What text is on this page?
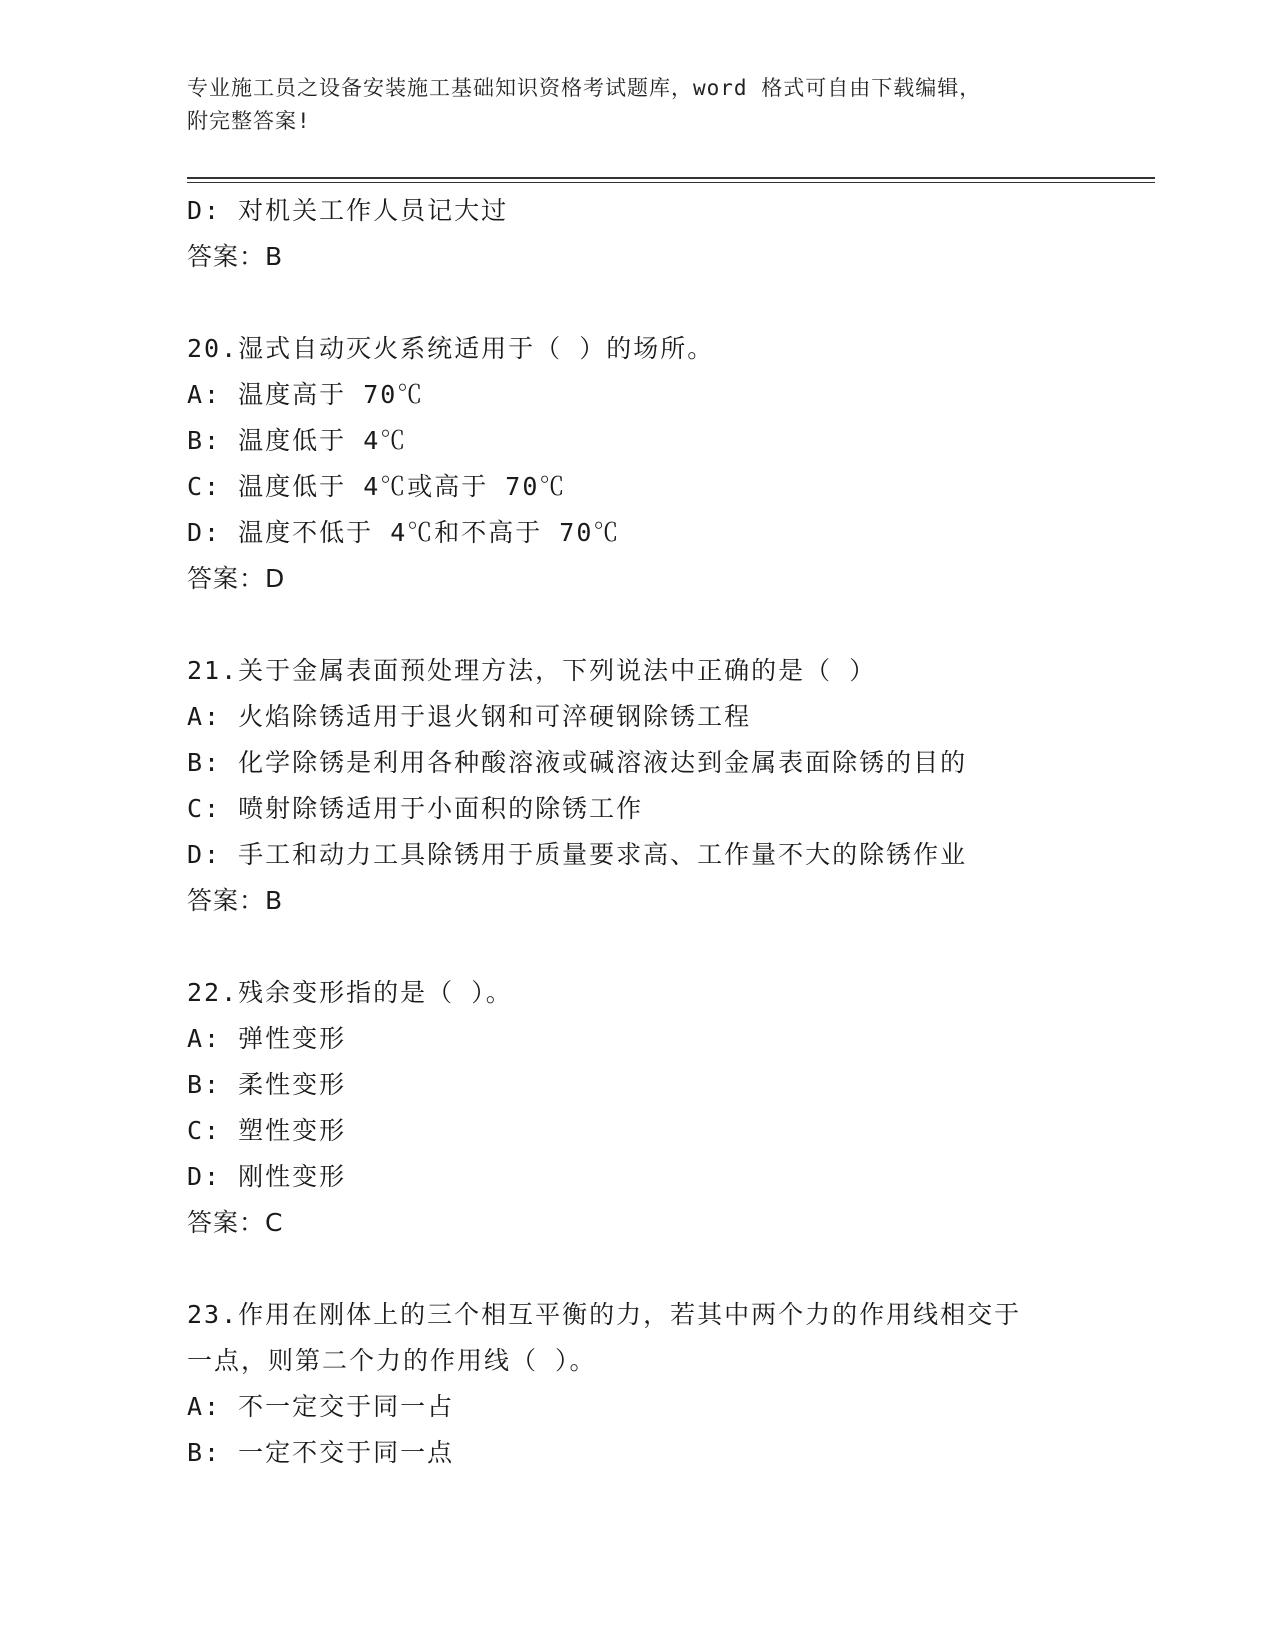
专业施工员之设备安装施工基础知识资格考试题库，word 格式可自由下载编辑，
附完整答案!
D: 对机关工作人员记大过
答案：B
20.湿式自动灭火系统适用于（ ）的场所。
A: 温度高于 70℃
B: 温度低于 4℃
C: 温度低于 4℃或高于 70℃
D: 温度不低于 4℃和不高于 70℃
答案：D
21.关于金属表面预处理方法，下列说法中正确的是（ ）
A: 火焰除锈适用于退火钢和可淬硬钢除锈工程
B: 化学除锈是利用各种酸溶液或碱溶液达到金属表面除锈的目的
C: 喷射除锈适用于小面积的除锈工作
D: 手工和动力工具除锈用于质量要求高、工作量不大的除锈作业
答案：B
22.残余变形指的是（ ）。
A: 弹性变形
B: 柔性变形
C: 塑性变形
D: 刚性变形
答案：C
23.作用在刚体上的三个相互平衡的力，若其中两个力的作用线相交于
一点，则第二个力的作用线（ ）。
A: 不一定交于同一占
B: 一定不交于同一点
